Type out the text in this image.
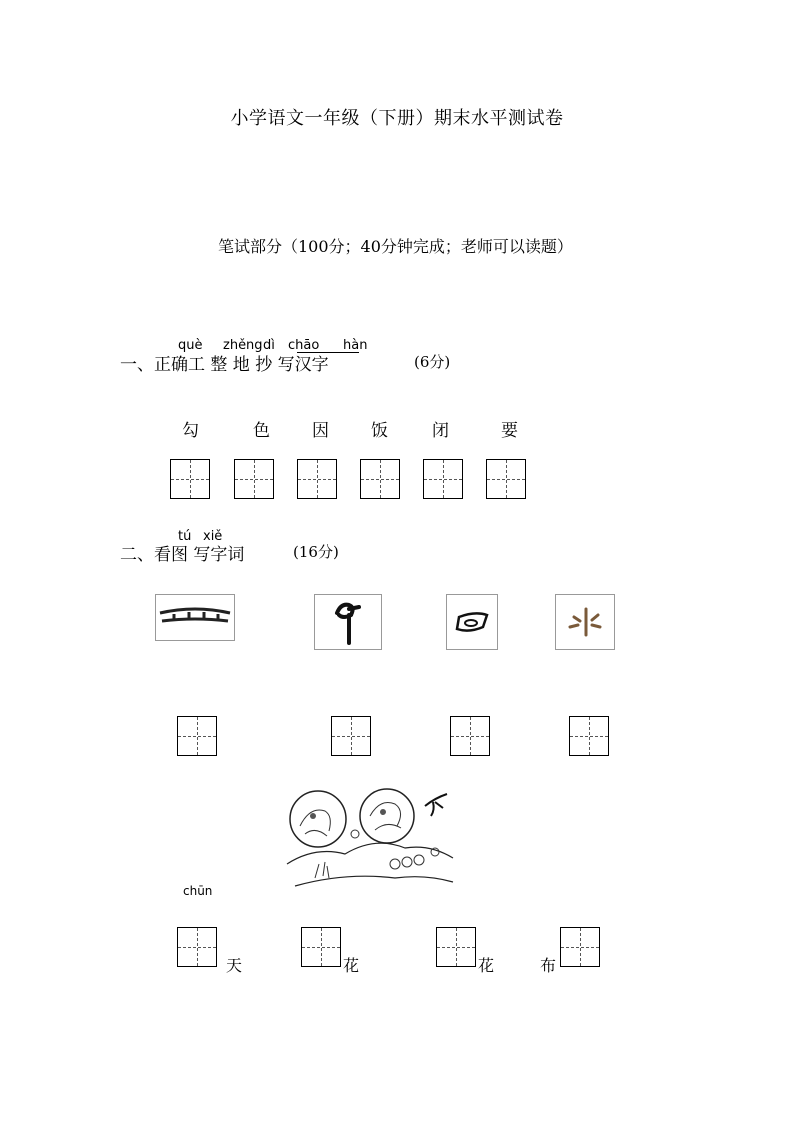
小学语文一年级（下册）期末水平测试卷
笔试部分（100分；40分钟完成；老师可以读题）
què zhěng dì chāo hàn
一、正确工 整 地 抄 写汉字	(6分)
勾	色 因 饭	闭	要
tú xiě
二、看图 写字词	(16分)
chūn
天	花	花	布
